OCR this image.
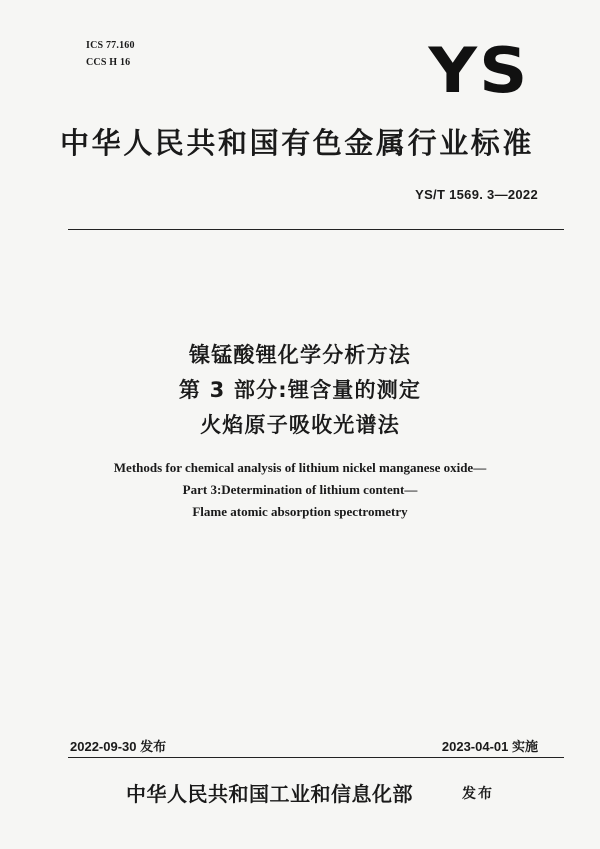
ICS 77.160
CCS H 16	YS
中华人民共和国有色金属行业标准
YS/T 1569. 3—2022
镍锰酸锂化学分析方法
第 3 部分:锂含量的测定
火焰原子吸收光谱法
Methods for chemical analysis of lithium nickel manganese oxide—
Part 3:Determination of lithium content—
Flame atomic absorption spectrometry
2022-09-30 发布	2023-04-01 实施
中华人民共和国工业和信息化部	发布
